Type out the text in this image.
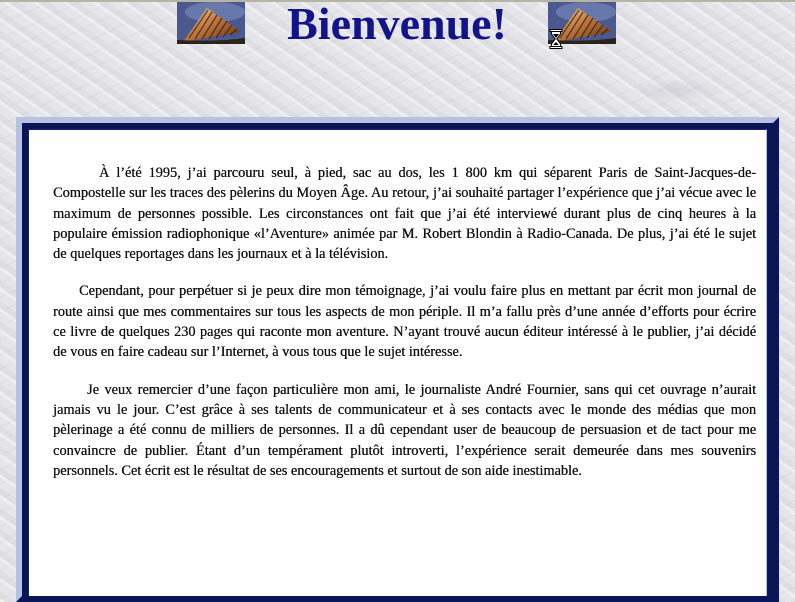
Bienvenue!

À l’été 1995, j’ai parcouru seul, à pied, sac au dos, les 1 800 km qui séparent Paris de Saint-Jacques-de-Compostelle sur les traces des pèlerins du Moyen Âge. Au retour, j’ai souhaité partager l’expérience que j’ai vécue avec le maximum de personnes possible. Les circonstances ont fait que j’ai été interviewé durant plus de cinq heures à la populaire émission radiophonique «l’Aventure» animée par M. Robert Blondin à Radio-Canada. De plus, j’ai été le sujet de quelques reportages dans les journaux et à la télévision.

Cependant, pour perpétuer si je peux dire mon témoignage, j’ai voulu faire plus en mettant par écrit mon journal de route ainsi que mes commentaires sur tous les aspects de mon périple. Il m’a fallu près d’une année d’efforts pour écrire ce livre de quelques 230 pages qui raconte mon aventure. N’ayant trouvé aucun éditeur intéressé à le publier, j’ai décidé de vous en faire cadeau sur l’Internet, à vous tous que le sujet intéresse.

Je veux remercier d’une façon particulière mon ami, le journaliste André Fournier, sans qui cet ouvrage n’aurait jamais vu le jour. C’est grâce à ses talents de communicateur et à ses contacts avec le monde des médias que mon pèlerinage a été connu de milliers de personnes. Il a dû cependant user de beaucoup de persuasion et de tact pour me convaincre de publier. Étant d’un tempérament plutôt introverti, l’expérience serait demeurée dans mes souvenirs personnels. Cet écrit est le résultat de ses encouragements et surtout de son aide inestimable.
